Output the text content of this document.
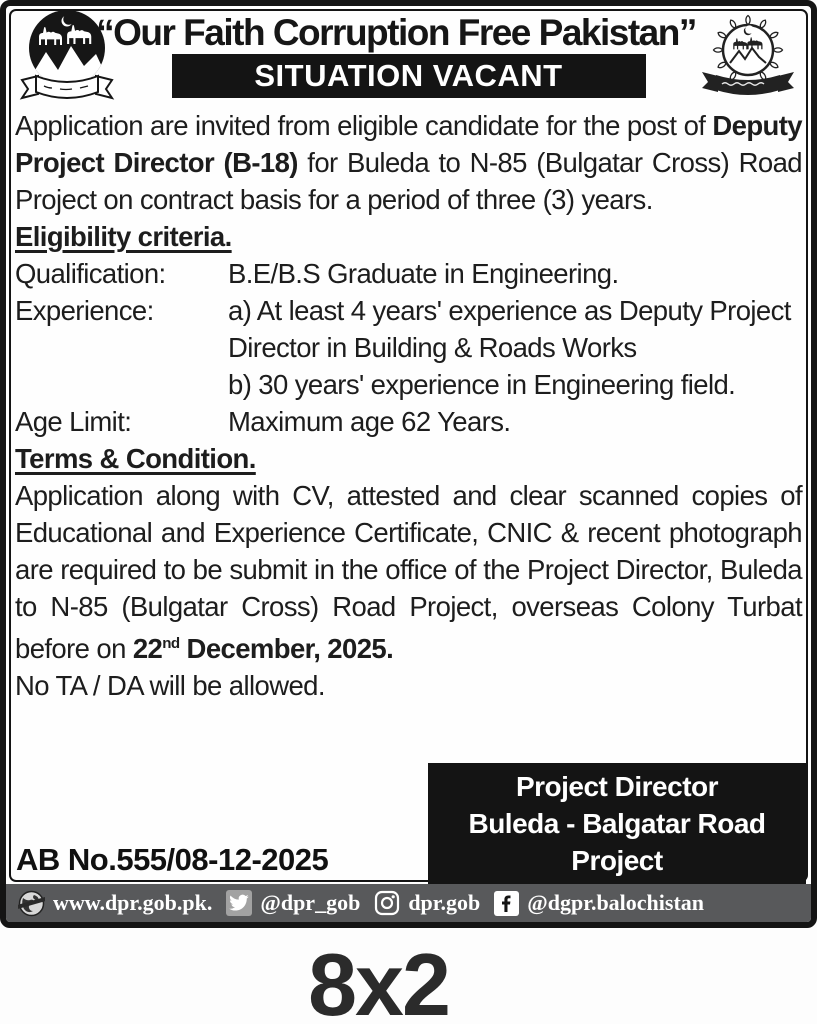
“Our Faith Corruption Free Pakistan”
SITUATION VACANT

Application are invited from eligible candidate for the post of Deputy Project Director (B-18) for Buleda to N-85 (Bulgatar Cross) Road Project on contract basis for a period of three (3) years.

Eligibility criteria.
Qualification:	B.E/B.S Graduate in Engineering.
Experience:	a) At least 4 years' experience as Deputy Project Director in Building & Roads Works
b) 30 years' experience in Engineering field.
Age Limit:	Maximum age 62 Years.
Terms & Condition.

Application along with CV, attested and clear scanned copies of Educational and Experience Certificate, CNIC & recent photograph are required to be submit in the office of the Project Director, Buleda to N-85 (Bulgatar Cross) Road Project, overseas Colony Turbat before on 22nd December, 2025.

No TA / DA will be allowed.
Project Director
Buleda - Balgatar Road
Project
AB No.555/08-12-2025
www.dpr.gob.pk. @dpr_gob dpr.gob @dgpr.balochistan
8x2
